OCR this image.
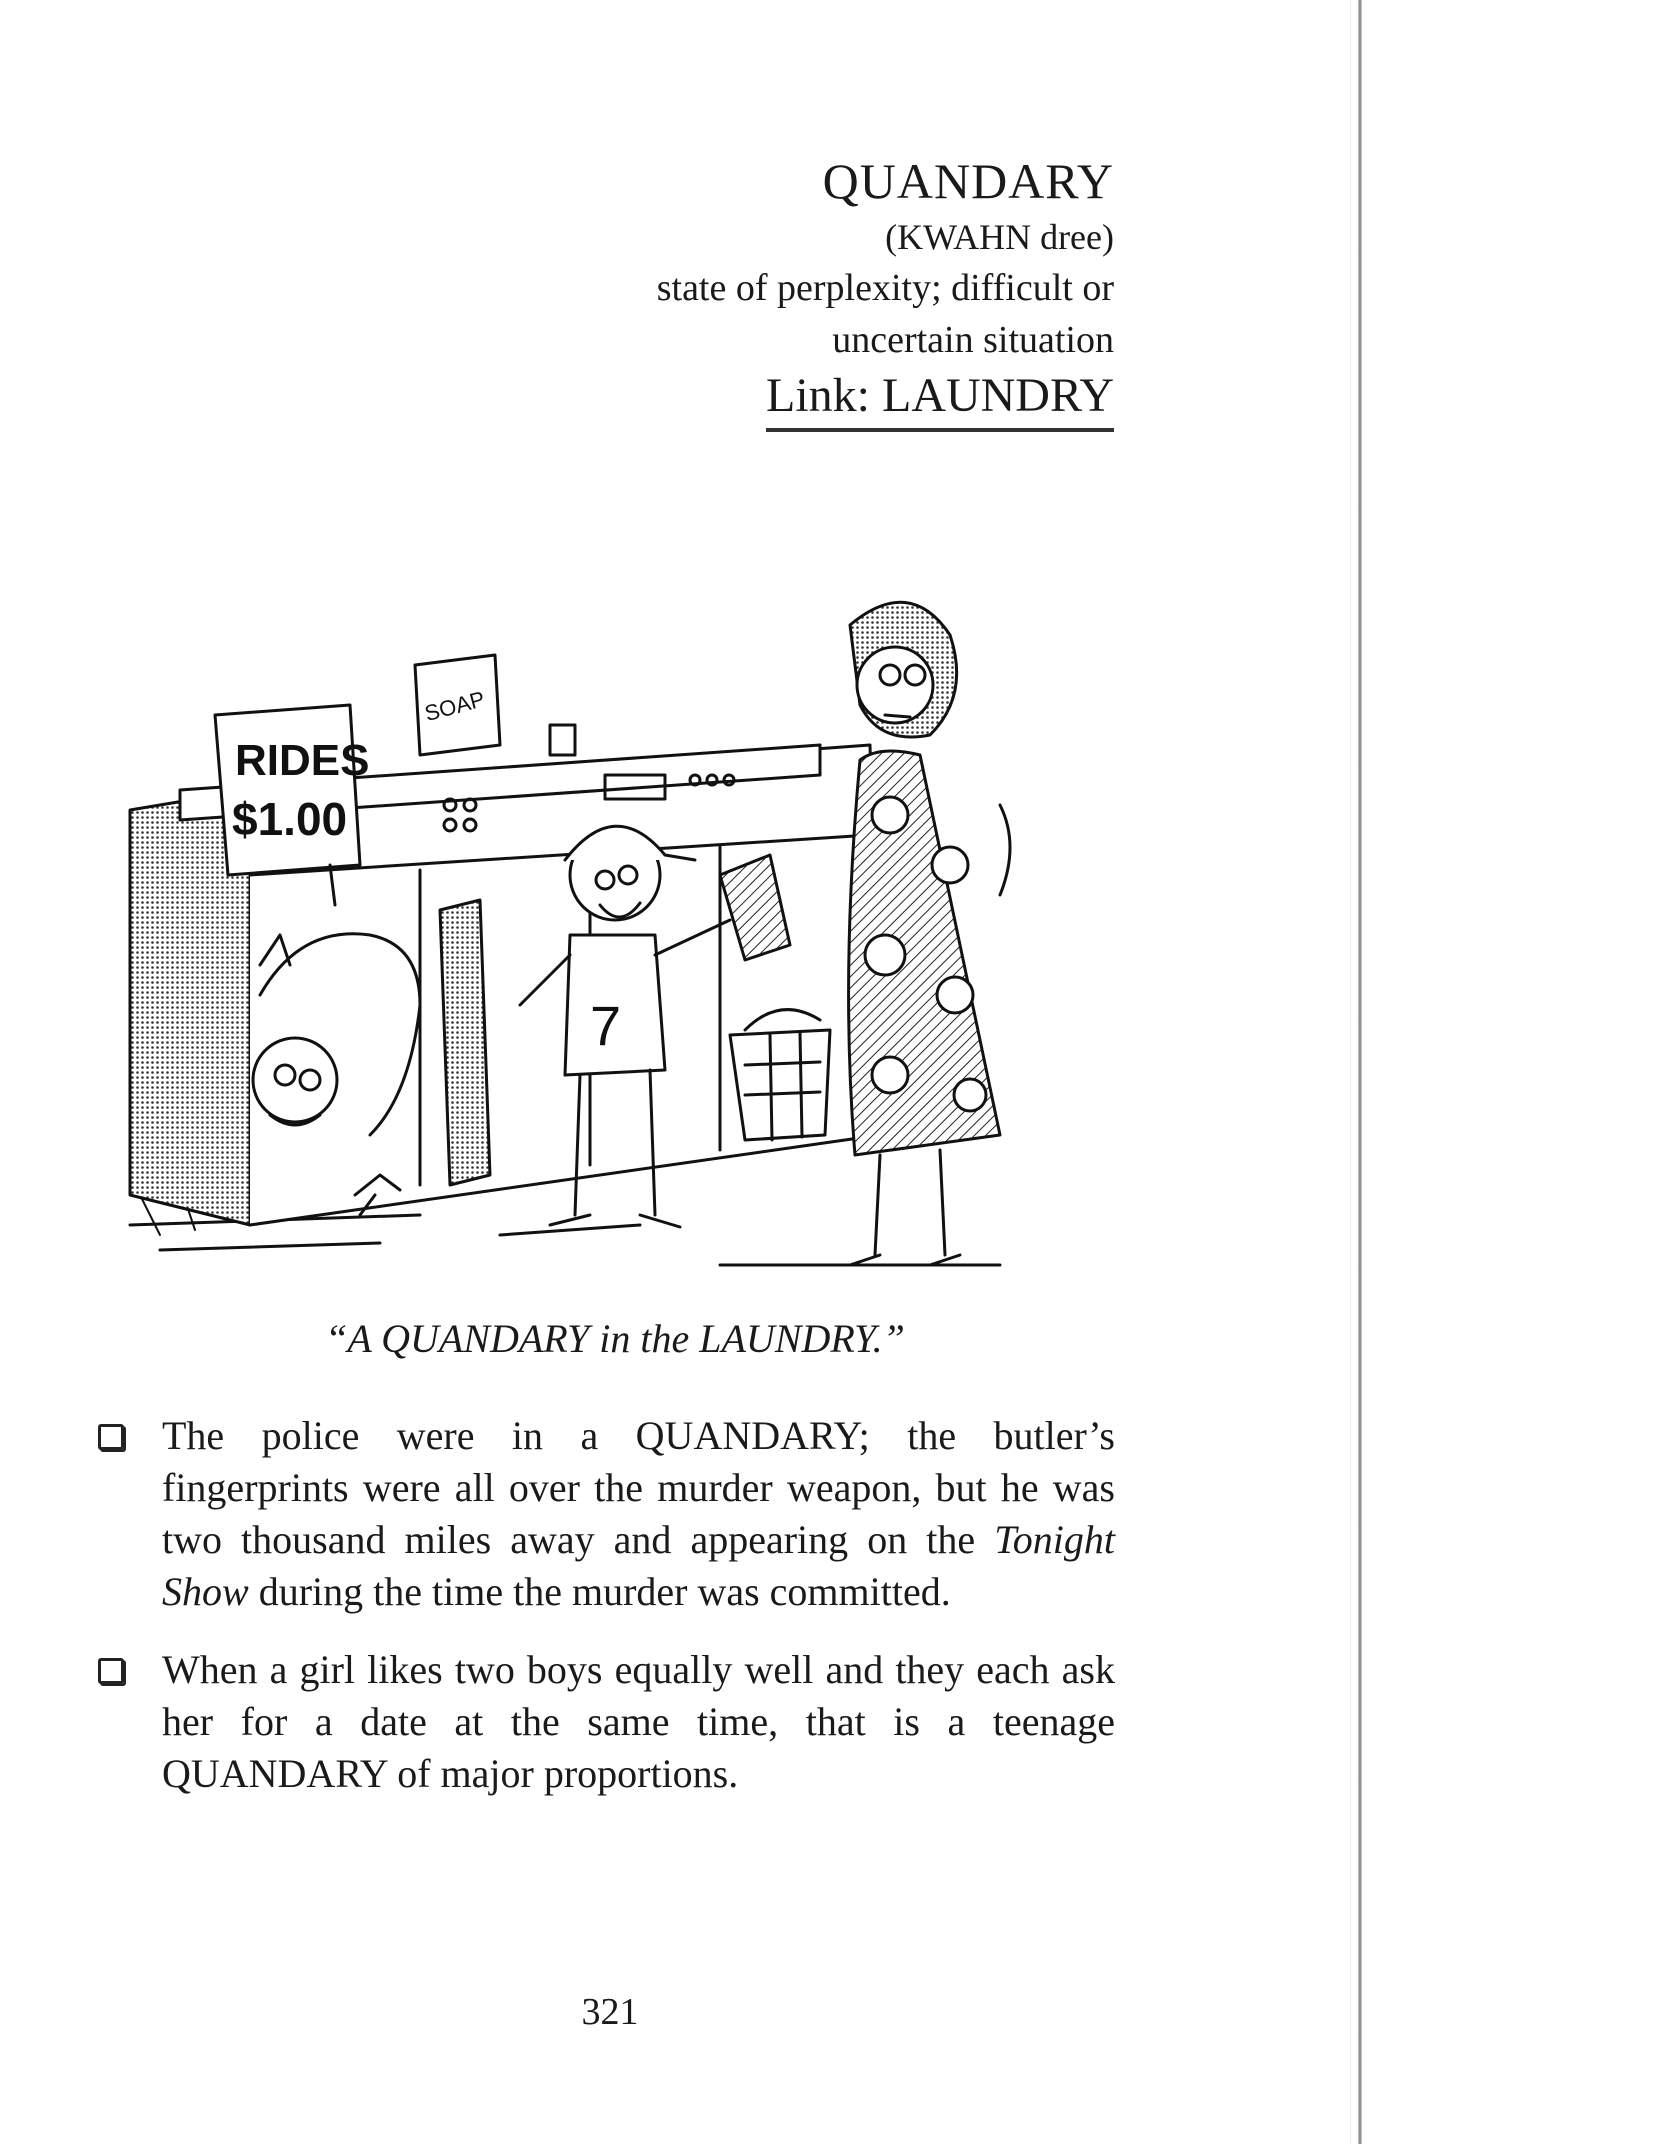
QUANDARY
(KWAHN dree)
state of perplexity; difficult or
uncertain situation
Link: LAUNDRY
RIDES
$1.00
SOAP
7
“A QUANDARY in the LAUNDRY.”
The police were in a QUANDARY; the butler’s fingerprints were all over the murder weapon, but he was two thousand miles away and appearing on the Tonight Show during the time the murder was committed.
When a girl likes two boys equally well and they each ask her for a date at the same time, that is a teenage QUANDARY of major proportions.
321
